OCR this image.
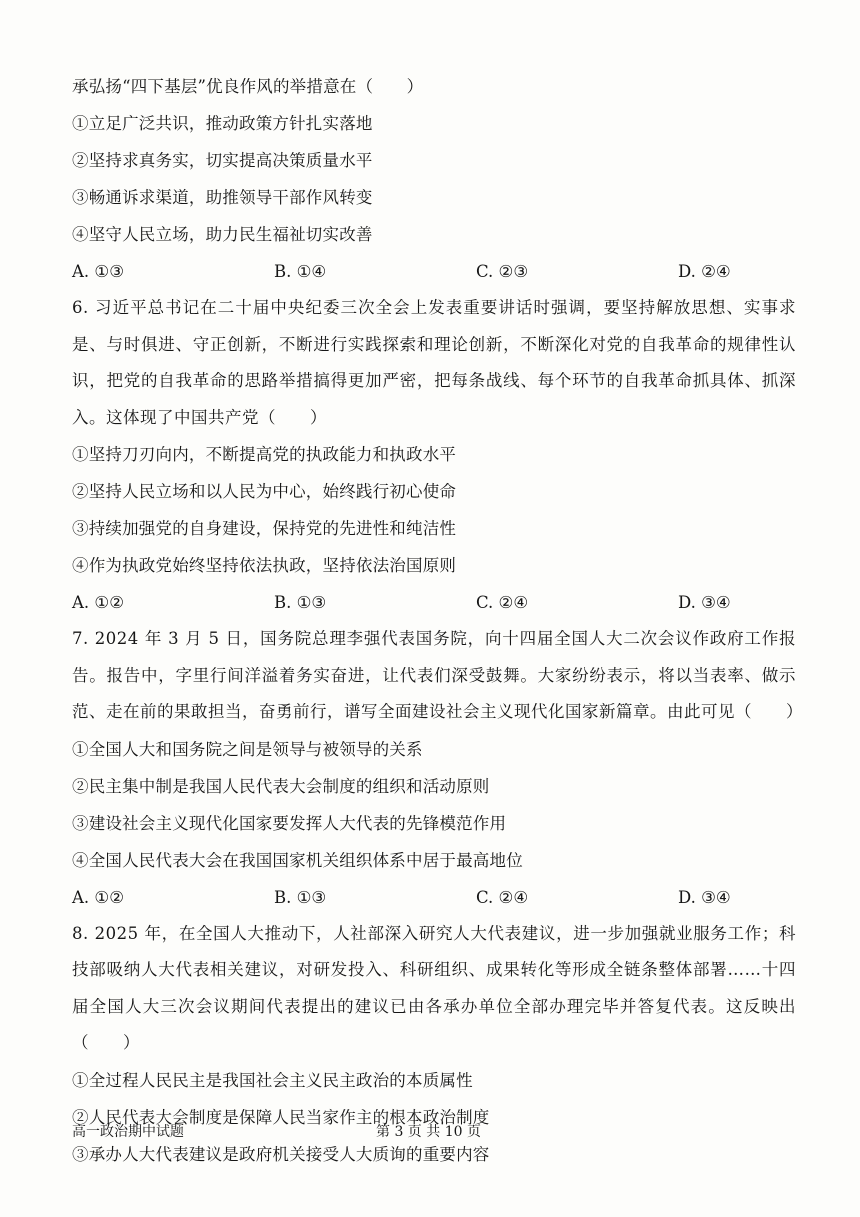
承弘扬“四下基层”优良作风的举措意在（　　）
①立足广泛共识，推动政策方针扎实落地
②坚持求真务实，切实提高决策质量水平
③畅通诉求渠道，助推领导干部作风转变
④坚守人民立场，助力民生福祉切实改善
A. ①③	B. ①④	C. ②③	D. ②④
6. 习近平总书记在二十届中央纪委三次全会上发表重要讲话时强调，要坚持解放思想、实事求是、与时俱进、守正创新，不断进行实践探索和理论创新，不断深化对党的自我革命的规律性认识，把党的自我革命的思路举措搞得更加严密，把每条战线、每个环节的自我革命抓具体、抓深入。这体现了中国共产党（　　）
①坚持刀刃向内，不断提高党的执政能力和执政水平
②坚持人民立场和以人民为中心，始终践行初心使命
③持续加强党的自身建设，保持党的先进性和纯洁性
④作为执政党始终坚持依法执政，坚持依法治国原则
A. ①②	B. ①③	C. ②④	D. ③④
7. 2024 年 3 月 5 日，国务院总理李强代表国务院，向十四届全国人大二次会议作政府工作报告。报告中，字里行间洋溢着务实奋进，让代表们深受鼓舞。大家纷纷表示，将以当表率、做示范、走在前的果敢担当，奋勇前行，谱写全面建设社会主义现代化国家新篇章。由此可见（　　）
①全国人大和国务院之间是领导与被领导的关系
②民主集中制是我国人民代表大会制度的组织和活动原则
③建设社会主义现代化国家要发挥人大代表的先锋模范作用
④全国人民代表大会在我国国家机关组织体系中居于最高地位
A. ①②	B. ①③	C. ②④	D. ③④
8. 2025 年，在全国人大推动下，人社部深入研究人大代表建议，进一步加强就业服务工作；科技部吸纳人大代表相关建议，对研发投入、科研组织、成果转化等形成全链条整体部署……十四届全国人大三次会议期间代表提出的建议已由各承办单位全部办理完毕并答复代表。这反映出（　　）
①全过程人民民主是我国社会主义民主政治的本质属性
②人民代表大会制度是保障人民当家作主的根本政治制度
③承办人大代表建议是政府机关接受人大质询的重要内容
高一政治期中试题	第 3 页 共 10 页
